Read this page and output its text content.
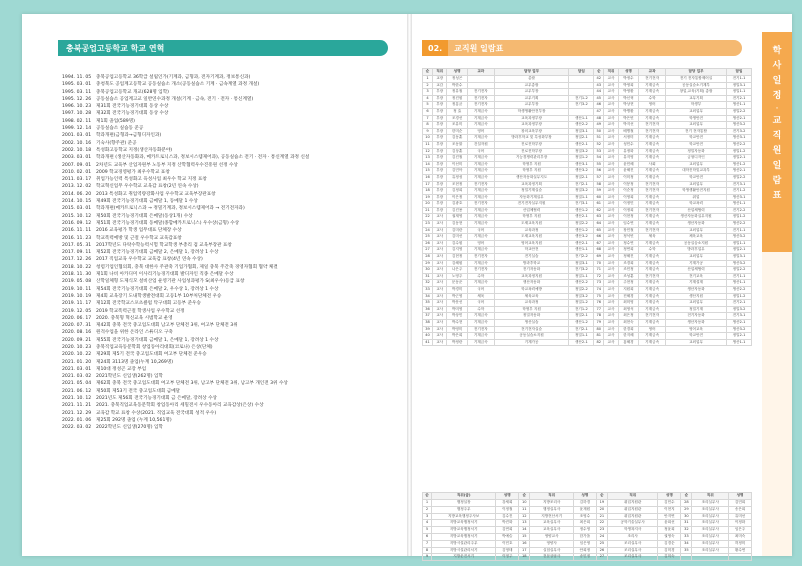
충북공업고등학교 학교 연혁
1994. 11. 05	충북공업고등학교 36학급 설립인가(기계과, 금형과, 전자기계과, 정보통신과)
1995. 03. 01	충청북도 공업계고등학교 공동실습소 개소(공동실습소 기계 · 금속계열 과정 개설)
1995. 03. 11	충북공업고등학교 개교(628명 입학)
1995. 12. 26	공동실습소 공업계고교 일반연수과정 개설(기계 · 금속, 전기 · 전자 · 통신계열)
1996. 10. 23	제31회 전국기능경기대회 동상 수상
1997. 10. 28	제32회 전국기능경기대회 동상 수상
1998. 02. 11	제1회 졸업(589명)
1999. 12. 14	공동실습소 실습동 준공
2001. 03. 01	학과개편(금형과→금형디자인과)
2002. 10. 16	기숙사(향주관) 준공
2002. 10. 18	특성화고등학교 지정(생산자동화분야)
2003. 03. 01	학과개편 (생산자동화과, 메카트로닉스과, 정보시스템제어과), 공동실습소 전기 · 전자 · 통신계열 과정 신설
2007. 09. 01	2차년도 교육부 산업자원부 노동부 지정 산학협력우수진흥원 선정 수상
2010. 02. 01	2009 학교경영평가 최우수학교 표창
2011. 03. 17	취업가능인력 특성화고 육성사업 최우수 학교 지정 표창
2013. 12. 02	학교혁신업무 우수학교 교육감 표창(2년 연속 수상)
2014. 06. 20	2013 특성화고 취업역량강화사업 우수학교 교육부장관표창
2014. 10. 15	제49회 전국기능경기대회 금메달 1, 동메달 1 수상
2015. 03. 01	학과개편(메카트로닉스과 → 정밀기계과, 정보시스템제어과 → 전기전자과)
2015. 10. 12	제50회 전국기능경기대회 은메달(동상1개) 수상
2016. 09. 12	제51회 전국기능경기대회 동메달(종합메카트로닉스) 우수상(금형) 수상
2016. 11. 11	2016 교육평가 학생 업무대표 단체장 수상
2016. 11. 23	학교폭력예방 및 근절 우수학교 교육감표창
2017. 05. 31	2017학년도 다락수학능력시험 학교학생 부총리 겸 교육부장관 표창
2017. 09. 11	제52회 전국기능경기대회 금메달 2, 은메달 1, 장려상 1 수상
2017. 12. 26	2017 직업교육 우수학교 교육감 표창(4년 연속 수상)
2018. 10. 22	청렴기업인협의회, 충북 대한사 주관축 기업가협회, 제일 충북 주간축 경영자협회 협약 체결
2018. 11. 30	제1회 나비 아카디미 이사리기능경기대회 발디자인 직종 은메달 수상
2019. 05. 08	산학일체형 도제식모 설비산업 운영기관 사업성과평가 S(최우수)등급 표창
2019. 10. 11	제54회 전국기능경기대회 은메달 2, 우수상 1, 장려상 1 수상
2019. 10. 19	제4회 교육장기 도내학생발전대회 고등1부 10부처단체전 우승
2019. 11. 17	제12회 전국학교스포츠클럽 탁구대회 고등부 준우승
2019. 12. 05	2019 학교폭력근절 학생사업 우수학교 선정
2020. 06. 17	2020. 충북형 혁신교육 시범학교 운영
2020. 07. 31	제42회 충북 전국 충고업도대회 남고부 단체전 3위, 여고부 단체전 3위
2020. 08. 16	원격수업을 위한 온라인 스튜디오 구축
2020. 09. 21	제55회 전국기능경기대회 금메달 1, 은메달 1, 장려상 1 수상
2020. 10. 23	충북직업교육동문학회 창업동아리대회(코로나) 은상(단체)
2020. 10. 22	제29회 제5기 전국 충고업도대회 여고부 단체전 준우승
2021. 01. 20	제24회 3113명 졸업(누계 10,269명)
2021. 03. 01	제10대 정성곤 교장 부임
2021. 03. 02	2021학년도 신입생(262명) 입학
2021. 05. 04	제62회 충북 전국 충고업도대회 여고부 단체전 3위, 남고부 단체전 3위, 남고부 개인전 3위 수상
2021. 06. 12	제50회 제53기 전국 충고업도대회 금메달
2021. 10. 12	2021년도 제56회 전국기능경기대회 금 은메달, 장려상 수상
2021. 11. 21	2021. 충북직업교육동문학회 창업동아리 세밀전시 우수동아리 교육감상(은상) 수상
2021. 12. 29	교육감 학교 표창 수상(2021. 직업교육 전국대회 성적 우수)
2022. 01. 06	제25회 292명 졸업 (누계 10,561명)
2022. 03. 02	2022학년도 신입생(270명) 입학
02.	교직원 일람표
순	직위	성명	교과	담당 업무	담임	순	직위	성명	교과	담당 업무	담임
1	교장	정성곤		총괄		42	교사	박정수	전기전자	전기 전자통합제어실	전기1-1
2	교감	박한수		교무총괄		43	교사	박영희	기계금속	공동실습소기계부	정밀3-1
3	부장	정유철	전기전자	교무부장		44	교사	박영환	기계금속	창업,교육(기획) 총괄	정밀1-1
4	부장	정진원	전기전자	교무기획	전기1-2	45	교사	박신혁	수학	교무기획	전기2-1
5	부장	정흥균	전기전자	교무부장	전기3-2	46	교사	박상현	영어	학생부	생산1-1
6	부장	정 효	기계금속	학생생활안전부장		47	교사	박병환	기계금속	교외업무	정밀2-2
7	부장	조경선	기계금속	교육과정부장	생산1-1	48	교사	박은빈	기계금속	학생안전	생산2-1
8	부장	조유미	기계금속	교육과정부장	생산2-2	49	교사	박지선	전기전자	교외업무	생산3-2
9	부장	한미순	영어	창의교육부장	정밀3-1	50	교사	배병철	전기전자	전기 전자통합	전기3-2
10	부장	김동훈	기계금속	방과후학교 및 특성화부장	정밀2-1	51	교사	서정미	기계금속	학교안전	생산3-1
11	부장	조동률	건설자원	진로진학부장	생산2-1	52	교사	성민수	기계금속	학교안전	생산2-2
12	부장	김상훈	국어	진로진학부장	정밀3-2	53	교사	유정화	기계금속	정밀자동화	정밀1-2
13	부장	김진철	기계금속	기능경쟁력관리부장	정밀1-2	54	교사	유지영	기계금속	금형디자인	정밀2-1
14	부장	이선미	기계금속	학생부 지원	생산3-1	55	교사	윤민혜	사회	교외업무	생산1-2
15	부장	김민아	기계금속	학생부 지원	생산3-2	56	교사	윤혜진	기계금속	대학진학및교과부	생산2-1
16	부장	유정성	기계금속	생산자동화실무지도	정밀2-1	57	교사	이미정	기계금속	학교안전	정밀2-2
17	부장	조현정	전기전자	교육과정기획	전기2-1	58	교사	이봉정	전기전자	교외업무	전기3-1
18	부장	김정희	기계금속	정밀기계실습	정밀3-2	59	교사	이순정	전기전자	학생생활안전지원	전기1-2
19	부장	이은정	기계금속	자동화기계실무	정밀1-1	60	교사	이영희	기계금속	취업	생산3-1
20	부장	김광호	전기전자	전기전자실무지원	전기3-1	61	교사	이정민	기계금속	학교폭력	생산1-1
21	부장	김진용	기계금속	산업체협력	생산1-2	62	교사	이정희	전기전자	산업체협력	전기2-2
22	교사	권재영	기계금속	학생부 지원	생산2-1	63	교사	이현정	기계금속	생산자동화실무지원	정밀1-2
23	교사	김동현	기계금속	도제교육지원	정밀2-2	64	교사	임수연	기계금속	생산자동화	생산2-2
24	교사	김미란	국어	교육과정	생산1-2	65	교사	장민철	전기전자	교외업무	전기1-1
25	교사	김미선	기계금속	도제교육지원	생산3-2	66	교사	정석빈	체육	체육교육	생산3-2
26	교사	김수원	영어	영어교육지원	생산2-1	67	교사	정수연	기계금속	공동실습소지원	정밀1-1
27	교사	김지영	기계금속	학교안전	생산1-1	68	교사	정연희	수학	방과후업무	정밀2-1
28	교사	김현정	전기전자	전기실습	전기2-2	69	교사	정혜진	기계금속	교외업무	정밀3-1
29	교사	김혜원	기계금속	방과후학교	정밀3-1	70	교사	조경희	기계금속	기계가공	생산3-2
30	교사	나은주	전기전자	전기자동화	전기3-2	71	교사	조민정	기계금속	산업체협력	정밀2-2
31	교사	노영주	수학	교육과정지원	정밀1-1	72	교사	조성훈	전기전자	전기교육	전기1-1
32	교사	문동준	기계금속	생산자동화	생산2-2	73	교사	주현정	기계금속	기계설계	생산1-1
33	교사	박경미	국어	학교폭력예방	정밀2-2	74	교사	지원희	기계금속	생산자동화	생산2-2
34	교사	박근영	체육	체육교육	정밀3-2	75	교사	진혜경	기계금속	생산지원	정밀1-2
35	교사	박문선	국어	교육과정	정밀1-2	76	교사	최미영	기계금속	교외업무	전기2-1
36	교사	박미영	수학	학생부 지원	전기1-2	77	교사	최영석	기계금속	정밀기계	정밀3-2
37	교사	박상민	기계금속	정밀자동화	정밀2-1	78	교사	최은정	전기전자	전기자동화	전기3-1
38	교사	박수현	기계금속	생산실습	생산1-2	79	교사	최현숙	기계금속	생산자동화	생산2-1
39	교사	박영미	전기전자	전기전자실습	전기2-1	80	교사	한경희	영어	영어교육	생산3-2
40	교사	박은희	기계금속	공동실습소지원	정밀1-1	81	교사	한지혜	기계금속	학교안전	정밀2-1
41	교사	박정란	기계금속	기계가공	생산2-1	82	교사	홍혜경	기계금속	교외업무	생산1-1
순	직위(급)	성명	순	직위	성명	순	직위	성명	순	직위	성명
1	행정실장	강세희	10	지방조리사	김하경	19	취업지원관	김민수	28	조리실무사	김민희
2	행정주무	이정철	11	행정실무사	윤재원	20	취업지원관	이현지	29	조리실무사	송은희
3	지방교육행정주사보	김수진	12	지방전산서기	조영수	21	취업지원관	안지연	30	조리실무사	유미선
4	지방교육행정서기	박진화	13	교육실무사	최은희	22	공학기술실무사	윤희선	31	조리실무사	이정화
5	지방교육행정서기	김연희	14	교육실무사	정수영	23	학생복지사	정윤희	32	조리실무사	임은주
6	지방교육행정서기	박예슬	15	영양교사	한가을	24	조리사	권영숙	33	조리실무사	최미숙
7	지방시설관리주무	이민호	16	영양사	임은영	25	조리실무사	김경순	34	조리실무사	허정미
8	지방시설관리서기	김영태	17	실험실무사	안희정	26	조리실무사	김미경	35	조리실무사	황수연
9	지방운전서기	이영주	18	전문상담사	송민정	27	조리실무사	김미숙			
학
사
일
정
·
교
직
원
일
람
표
